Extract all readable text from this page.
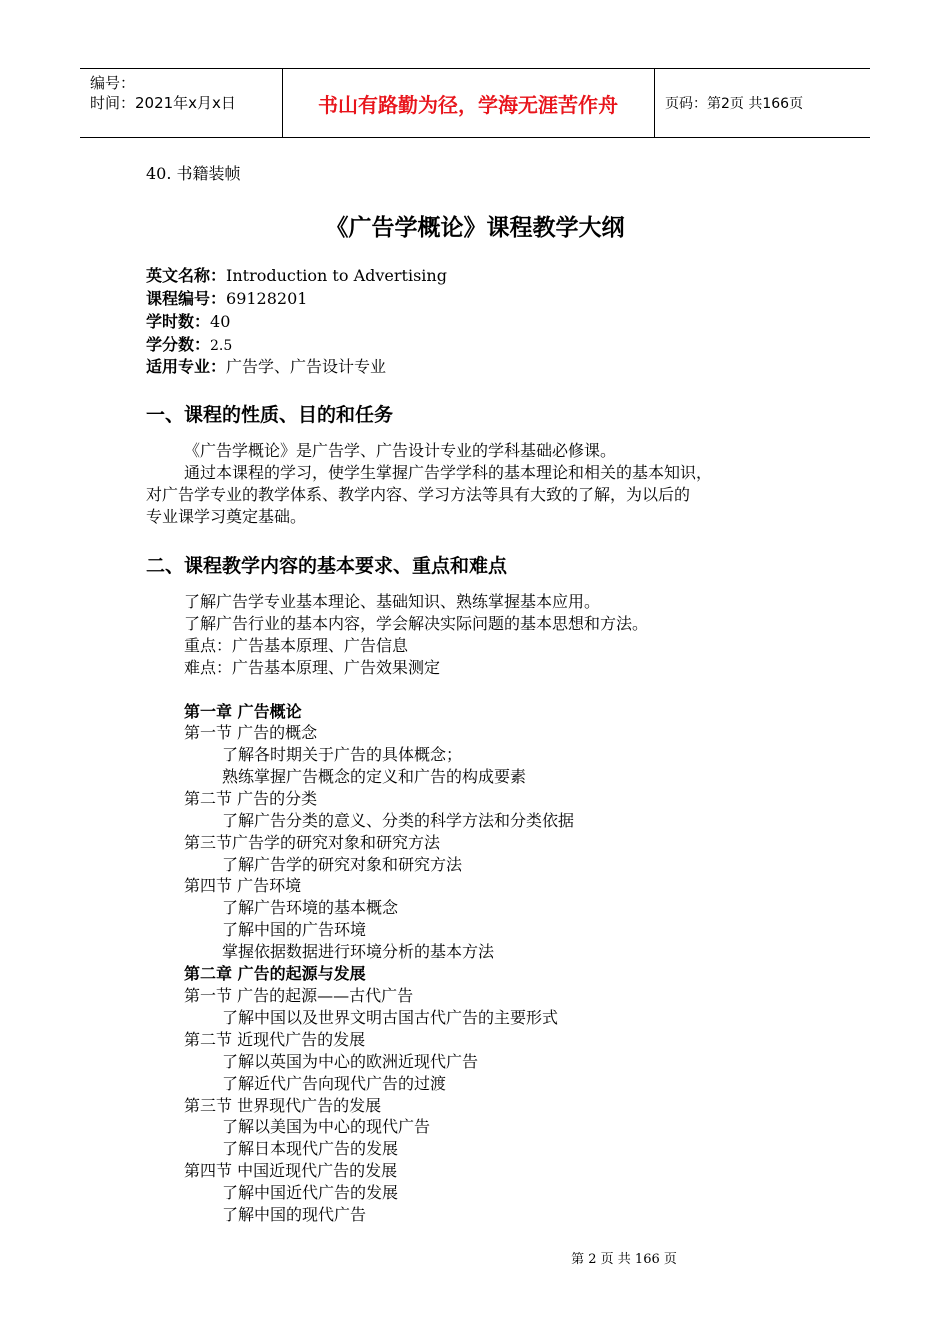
编号：
时间：2021年x月x日	书山有路勤为径，学海无涯苦作舟	页码：第2页 共166页
40. 书籍装帧
《广告学概论》课程教学大纲
英文名称：Introduction to Advertising
课程编号：69128201
学时数：40
学分数：2.5
适用专业：广告学、广告设计专业
一、课程的性质、目的和任务
《广告学概论》是广告学、广告设计专业的学科基础必修课。
通过本课程的学习，使学生掌握广告学学科的基本理论和相关的基本知识，
对广告学专业的教学体系、教学内容、学习方法等具有大致的了解，为以后的
专业课学习奠定基础。
二、课程教学内容的基本要求、重点和难点
了解广告学专业基本理论、基础知识、熟练掌握基本应用。
了解广告行业的基本内容，学会解决实际问题的基本思想和方法。
重点：广告基本原理、广告信息
难点：广告基本原理、广告效果测定
第一章 广告概论
第一节 广告的概念
了解各时期关于广告的具体概念；
熟练掌握广告概念的定义和广告的构成要素
第二节 广告的分类
了解广告分类的意义、分类的科学方法和分类依据
第三节广告学的研究对象和研究方法
了解广告学的研究对象和研究方法
第四节 广告环境
了解广告环境的基本概念
了解中国的广告环境
掌握依据数据进行环境分析的基本方法
第二章 广告的起源与发展
第一节 广告的起源——古代广告
了解中国以及世界文明古国古代广告的主要形式
第二节 近现代广告的发展
了解以英国为中心的欧洲近现代广告
了解近代广告向现代广告的过渡
第三节 世界现代广告的发展
了解以美国为中心的现代广告
了解日本现代广告的发展
第四节 中国近现代广告的发展
了解中国近代广告的发展
了解中国的现代广告
第 2 页 共 166 页
